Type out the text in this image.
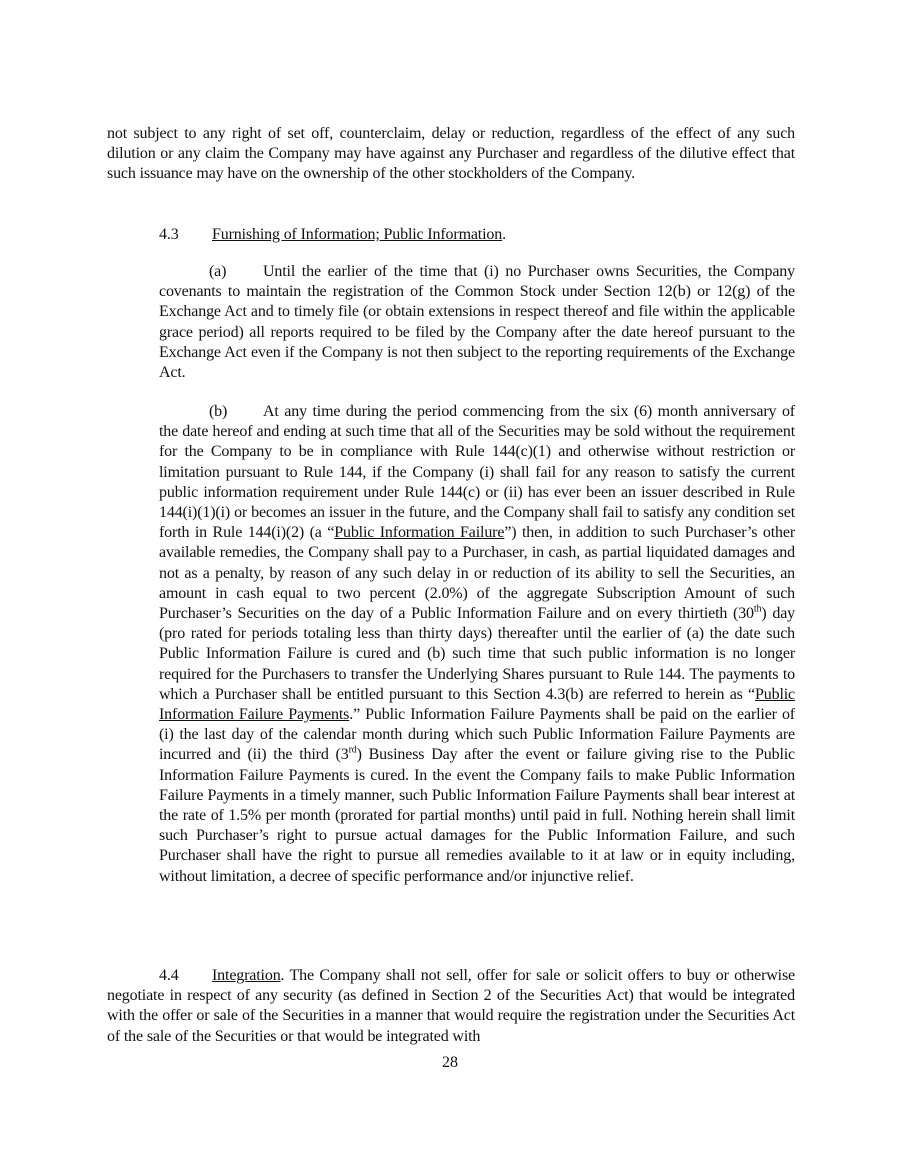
not subject to any right of set off, counterclaim, delay or reduction, regardless of the effect of any such dilution or any claim the Company may have against any Purchaser and regardless of the dilutive effect that such issuance may have on the ownership of the other stockholders of the Company.
4.3 Furnishing of Information; Public Information.
(a) Until the earlier of the time that (i) no Purchaser owns Securities, the Company covenants to maintain the registration of the Common Stock under Section 12(b) or 12(g) of the Exchange Act and to timely file (or obtain extensions in respect thereof and file within the applicable grace period) all reports required to be filed by the Company after the date hereof pursuant to the Exchange Act even if the Company is not then subject to the reporting requirements of the Exchange Act.
(b) At any time during the period commencing from the six (6) month anniversary of the date hereof and ending at such time that all of the Securities may be sold without the requirement for the Company to be in compliance with Rule 144(c)(1) and otherwise without restriction or limitation pursuant to Rule 144, if the Company (i) shall fail for any reason to satisfy the current public information requirement under Rule 144(c) or (ii) has ever been an issuer described in Rule 144(i)(1)(i) or becomes an issuer in the future, and the Company shall fail to satisfy any condition set forth in Rule 144(i)(2) (a “Public Information Failure”) then, in addition to such Purchaser’s other available remedies, the Company shall pay to a Purchaser, in cash, as partial liquidated damages and not as a penalty, by reason of any such delay in or reduction of its ability to sell the Securities, an amount in cash equal to two percent (2.0%) of the aggregate Subscription Amount of such Purchaser’s Securities on the day of a Public Information Failure and on every thirtieth (30th) day (pro rated for periods totaling less than thirty days) thereafter until the earlier of (a) the date such Public Information Failure is cured and (b) such time that such public information is no longer required for the Purchasers to transfer the Underlying Shares pursuant to Rule 144. The payments to which a Purchaser shall be entitled pursuant to this Section 4.3(b) are referred to herein as “Public Information Failure Payments.” Public Information Failure Payments shall be paid on the earlier of (i) the last day of the calendar month during which such Public Information Failure Payments are incurred and (ii) the third (3rd) Business Day after the event or failure giving rise to the Public Information Failure Payments is cured. In the event the Company fails to make Public Information Failure Payments in a timely manner, such Public Information Failure Payments shall bear interest at the rate of 1.5% per month (prorated for partial months) until paid in full. Nothing herein shall limit such Purchaser’s right to pursue actual damages for the Public Information Failure, and such Purchaser shall have the right to pursue all remedies available to it at law or in equity including, without limitation, a decree of specific performance and/or injunctive relief.
4.4 Integration. The Company shall not sell, offer for sale or solicit offers to buy or otherwise negotiate in respect of any security (as defined in Section 2 of the Securities Act) that would be integrated with the offer or sale of the Securities in a manner that would require the registration under the Securities Act of the sale of the Securities or that would be integrated with
28
